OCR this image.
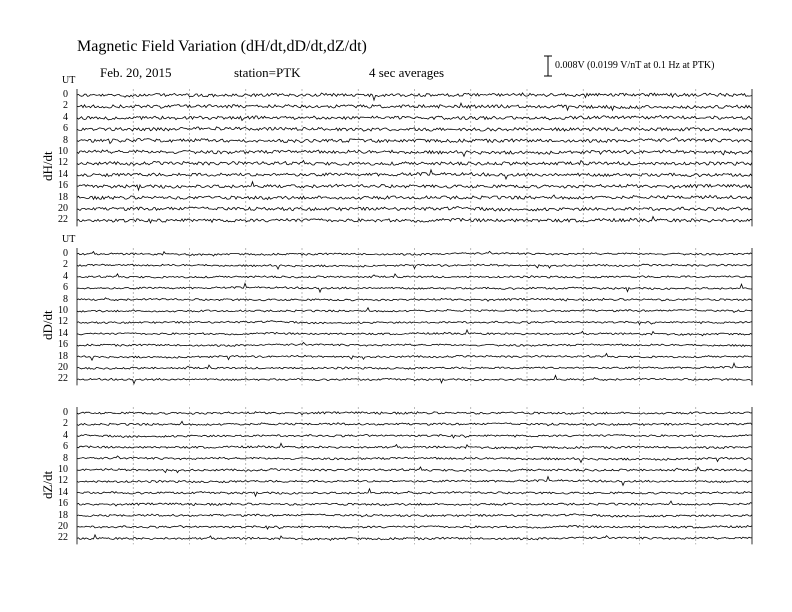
Magnetic Field Variation (dH/dt,dD/dt,dZ/dt)
Feb. 20, 2015	station=PTK	4 sec averages	0.008V (0.0199 V/nT at 0.1 Hz at PTK)
UT
dH/dt
0
2
4
6
8
10
12
14
16
18
20
22
UT
dD/dt
0
2
4
6
8
10
12
14
16
18
20
22
dZ/dt
0
2
4
6
8
10
12
14
16
18
20
22
